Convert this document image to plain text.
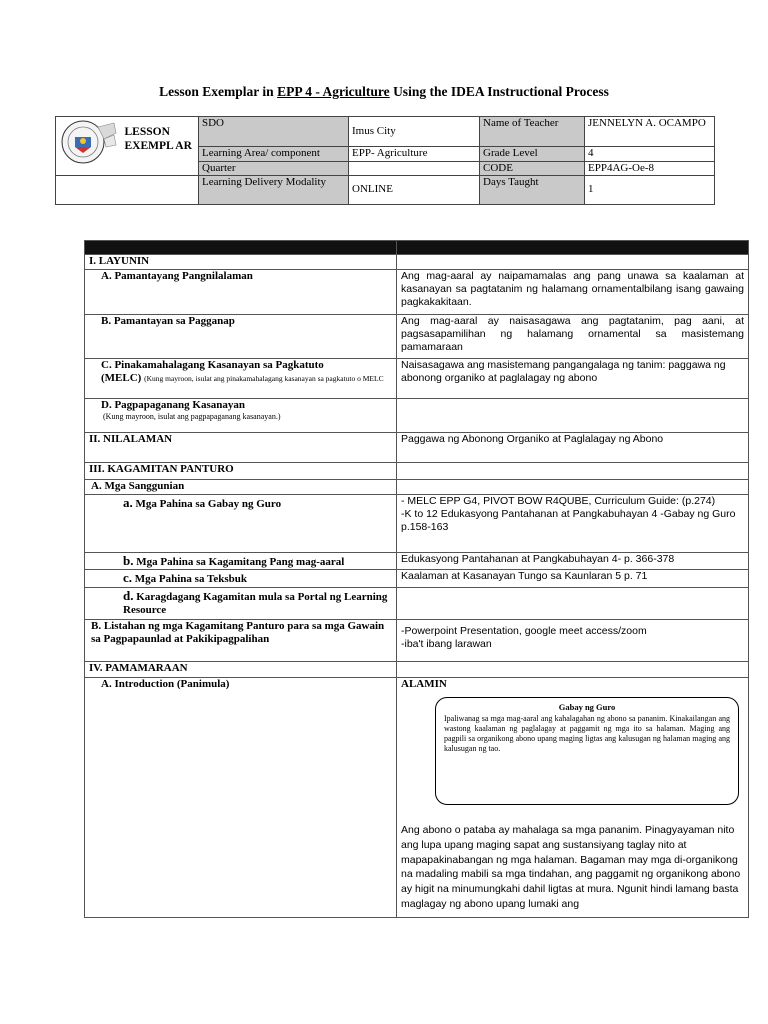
Lesson Exemplar in EPP 4 - Agriculture Using the IDEA Instructional Process
	LESSON EXEMPL AR	SDO	Imus City	Name of Teacher	JENNELYN A. OCAMPO
		Learning Area/ component	EPP- Agriculture	Grade Level	4
		Quarter		CODE	EPP4AG-Oe-8
		Learning Delivery Modality	ONLINE	Days Taught	1

I. LAYUNIN	
A. Pamantayang Pangnilalaman	Ang mag-aaral ay naipamamalas ang pang unawa sa kaalaman at kasanayan sa pagtatanim ng halamang ornamentalbilang isang gawaing pagkakakitaan.
B. Pamantayan sa Pagganap	Ang mag-aaral ay naisasagawa ang pagtatanim, pag aani, at pagsasapamilihan ng halamang ornamental sa masistemang pamamaraan

C. Pinakamahalagang Kasanayan sa Pagkatuto
(MELC) (Kung mayroon, isulat ang pinakamahalagang kasanayan sa pagkatuto o MELC	Naisasagawa ang masistemang pangangalaga ng tanim: paggawa ng abonong organiko at paglalagay ng abono

D. Pagpapaganang Kasanayan
(Kung mayroon, isulat ang pagpapaganang kasanayan.)	

II. NILALAMAN	Paggawa ng Abonong Organiko at Paglalagay ng Abono
III. KAGAMITAN PANTURO	
A. Mga Sanggunian	
a. Mga Pahina sa Gabay ng Guro	- MELC EPP G4, PIVOT BOW R4QUBE, Curriculum Guide: (p.274)
-K to 12 Edukasyong Pantahanan at Pangkabuhayan 4 -Gabay ng Guro p.158-163

b. Mga Pahina sa Kagamitang Pang mag-aaral	Edukasyong Pantahanan at Pangkabuhayan 4- p. 366-378
c. Mga Pahina sa Teksbuk	Kaalaman at Kasanayan Tungo sa Kaunlaran 5 p. 71
d. Karagdagang Kagamitan mula sa Portal ng Learning Resource	
B. Listahan ng mga Kagamitang Panturo para sa mga Gawain sa Pagpapaunlad at Pakikipagpalihan	-Powerpoint Presentation, google meet access/zoom
-iba't ibang larawan

IV. PAMAMARAAN	
A. Introduction (Panimula)	ALAMIN
Gabay ng Guro
Ipaliwanag sa mga mag-aaral ang kahalagahan ng abono sa pananim. Kinakailangan ang wastong kaalaman ng paglalagay at paggamit ng mga ito sa halaman. Maging ang pagpili sa organikong abono upang maging ligtas ang kalusugan ng halaman maging ang kalusugan ng tao.
Ang abono o pataba ay mahalaga sa mga pananim. Pinagyayaman nito ang lupa upang maging sapat ang sustansiyang taglay nito at mapapakinabangan ng mga halaman. Bagaman may mga di-organikong na madaling mabili sa mga tindahan, ang paggamit ng organikong abono ay higit na minumungkahi dahil ligtas at mura. Ngunit hindi lamang basta maglagay ng abono upang lumaki ang
